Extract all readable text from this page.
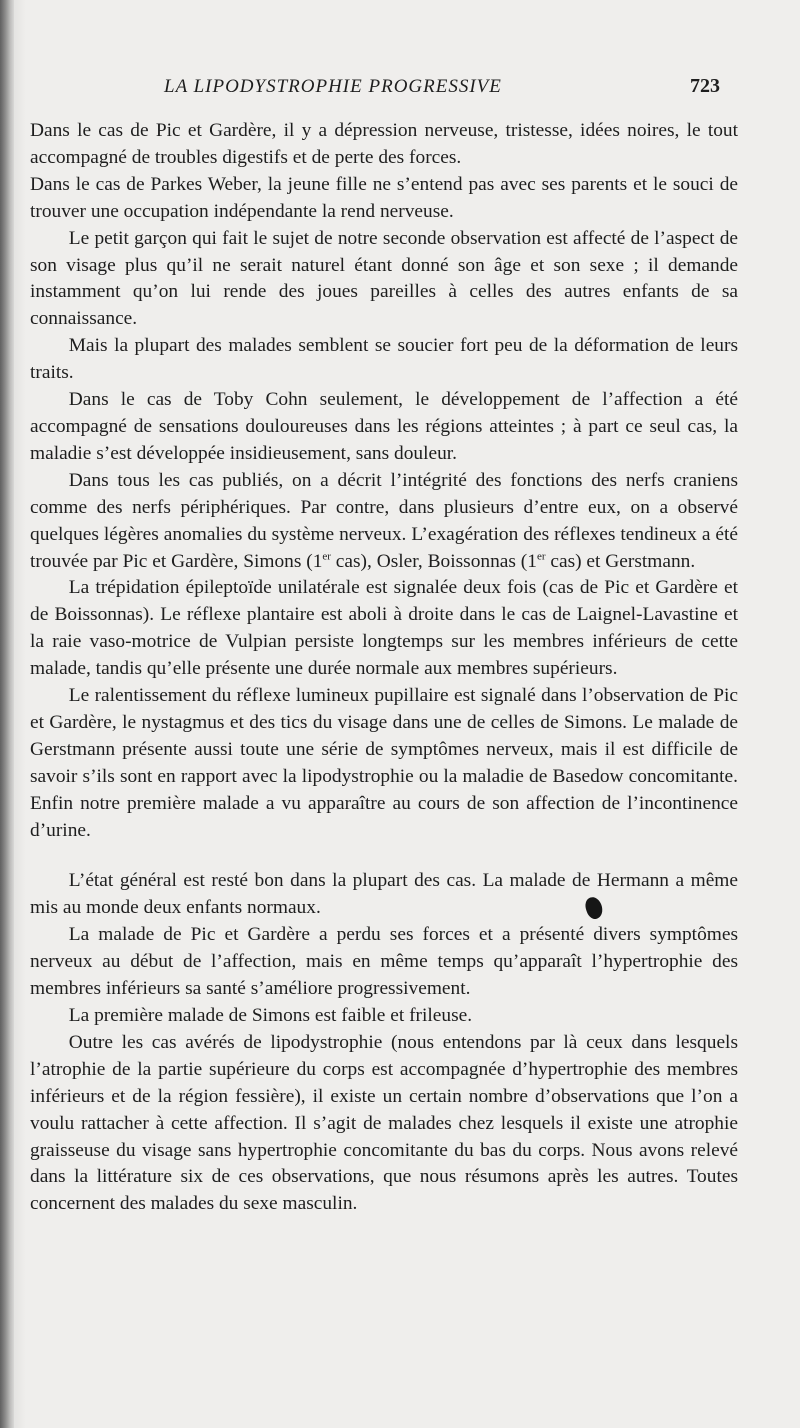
LA LIPODYSTROPHIE PROGRESSIVE	723

Dans le cas de Pic et Gardère, il y a dépression nerveuse, tristesse, idées noires, le tout accompagné de troubles digestifs et de perte des forces.

Dans le cas de Parkes Weber, la jeune fille ne s’entend pas avec ses parents et le souci de trouver une occupation indépendante la rend nerveuse.

Le petit garçon qui fait le sujet de notre seconde observation est affecté de l’aspect de son visage plus qu’il ne serait naturel étant donné son âge et son sexe ; il demande instamment qu’on lui rende des joues pareilles à celles des autres enfants de sa connaissance.

Mais la plupart des malades semblent se soucier fort peu de la déformation de leurs traits.

Dans le cas de Toby Cohn seulement, le développement de l’affection a été accompagné de sensations douloureuses dans les régions atteintes ; à part ce seul cas, la maladie s’est développée insidieusement, sans douleur.

Dans tous les cas publiés, on a décrit l’intégrité des fonctions des nerfs craniens comme des nerfs périphériques. Par contre, dans plusieurs d’entre eux, on a observé quelques légères anomalies du système nerveux. L’exagération des réflexes tendineux a été trouvée par Pic et Gardère, Simons (1er cas), Osler, Boissonnas (1er cas) et Gerstmann.

La trépidation épileptoïde unilatérale est signalée deux fois (cas de Pic et Gardère et de Boissonnas). Le réflexe plantaire est aboli à droite dans le cas de Laignel-Lavastine et la raie vaso-motrice de Vulpian persiste longtemps sur les membres inférieurs de cette malade, tandis qu’elle présente une durée normale aux membres supérieurs.

Le ralentissement du réflexe lumineux pupillaire est signalé dans l’observation de Pic et Gardère, le nystagmus et des tics du visage dans une de celles de Simons. Le malade de Gerstmann présente aussi toute une série de symptômes nerveux, mais il est difficile de savoir s’ils sont en rapport avec la lipodystrophie ou la maladie de Basedow concomitante. Enfin notre première malade a vu apparaître au cours de son affection de l’incontinence d’urine.

L’état général est resté bon dans la plupart des cas. La malade de Hermann a même mis au monde deux enfants normaux.

La malade de Pic et Gardère a perdu ses forces et a présenté divers symptômes nerveux au début de l’affection, mais en même temps qu’apparaît l’hypertrophie des membres inférieurs sa santé s’améliore progressivement.

La première malade de Simons est faible et frileuse.

Outre les cas avérés de lipodystrophie (nous entendons par là ceux dans lesquels l’atrophie de la partie supérieure du corps est accompagnée d’hypertrophie des membres inférieurs et de la région fessière), il existe un certain nombre d’observations que l’on a voulu rattacher à cette affection. Il s’agit de malades chez lesquels il existe une atrophie graisseuse du visage sans hypertrophie concomitante du bas du corps. Nous avons relevé dans la littérature six de ces observations, que nous résumons après les autres. Toutes concernent des malades du sexe masculin.
